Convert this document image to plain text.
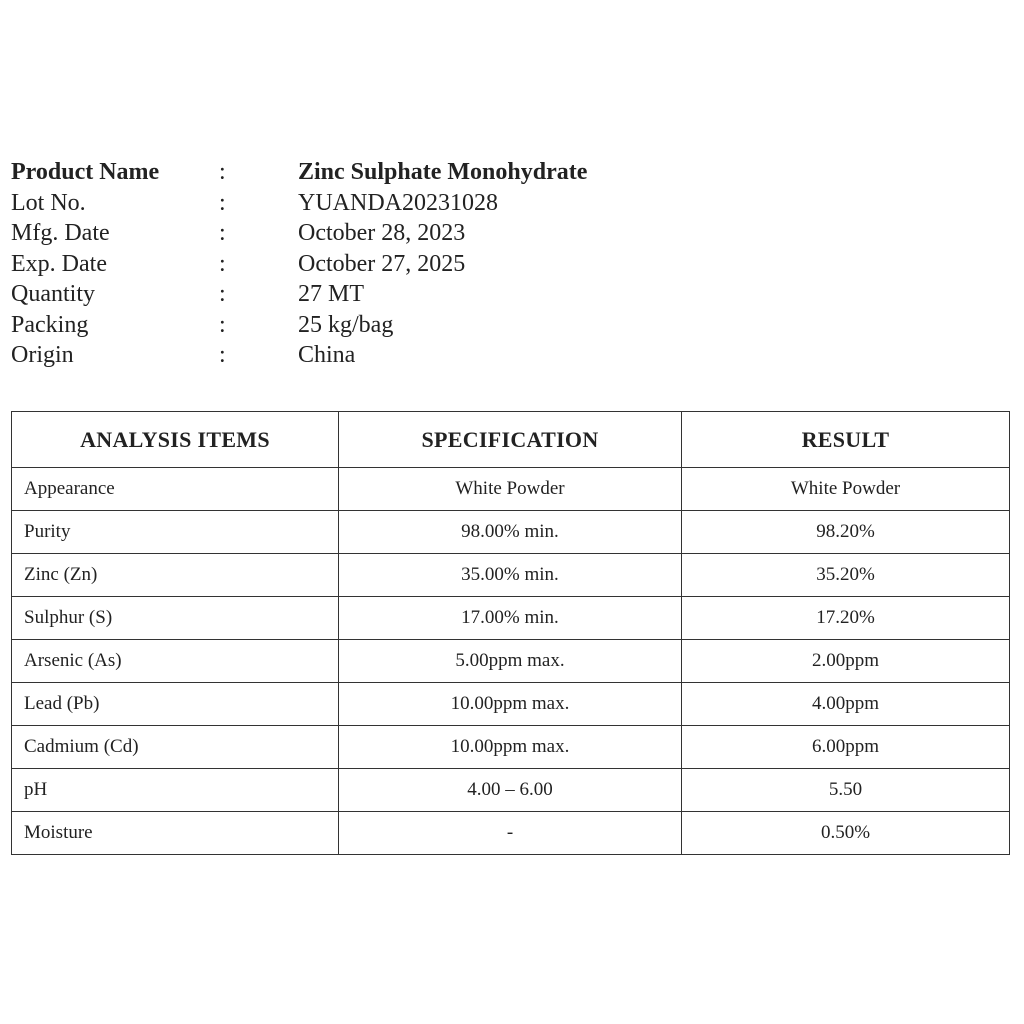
Product Name :	Zinc Sulphate Monohydrate
Lot No.	:	YUANDA20231028
Mfg. Date	:	October 28, 2023
Exp. Date	:	October 27, 2025
Quantity	:	27 MT
Packing	:	25 kg/bag
Origin	:	China
ANALYSIS ITEMS	SPECIFICATION	RESULT
Appearance	White Powder	White Powder
Purity	98.00% min.	98.20%
Zinc (Zn)	35.00% min.	35.20%
Sulphur (S)	17.00% min.	17.20%
Arsenic (As)	5.00ppm max.	2.00ppm
Lead (Pb)	10.00ppm max.	4.00ppm
Cadmium (Cd)	10.00ppm max.	6.00ppm
pH	4.00 – 6.00	5.50
Moisture	-	0.50%
